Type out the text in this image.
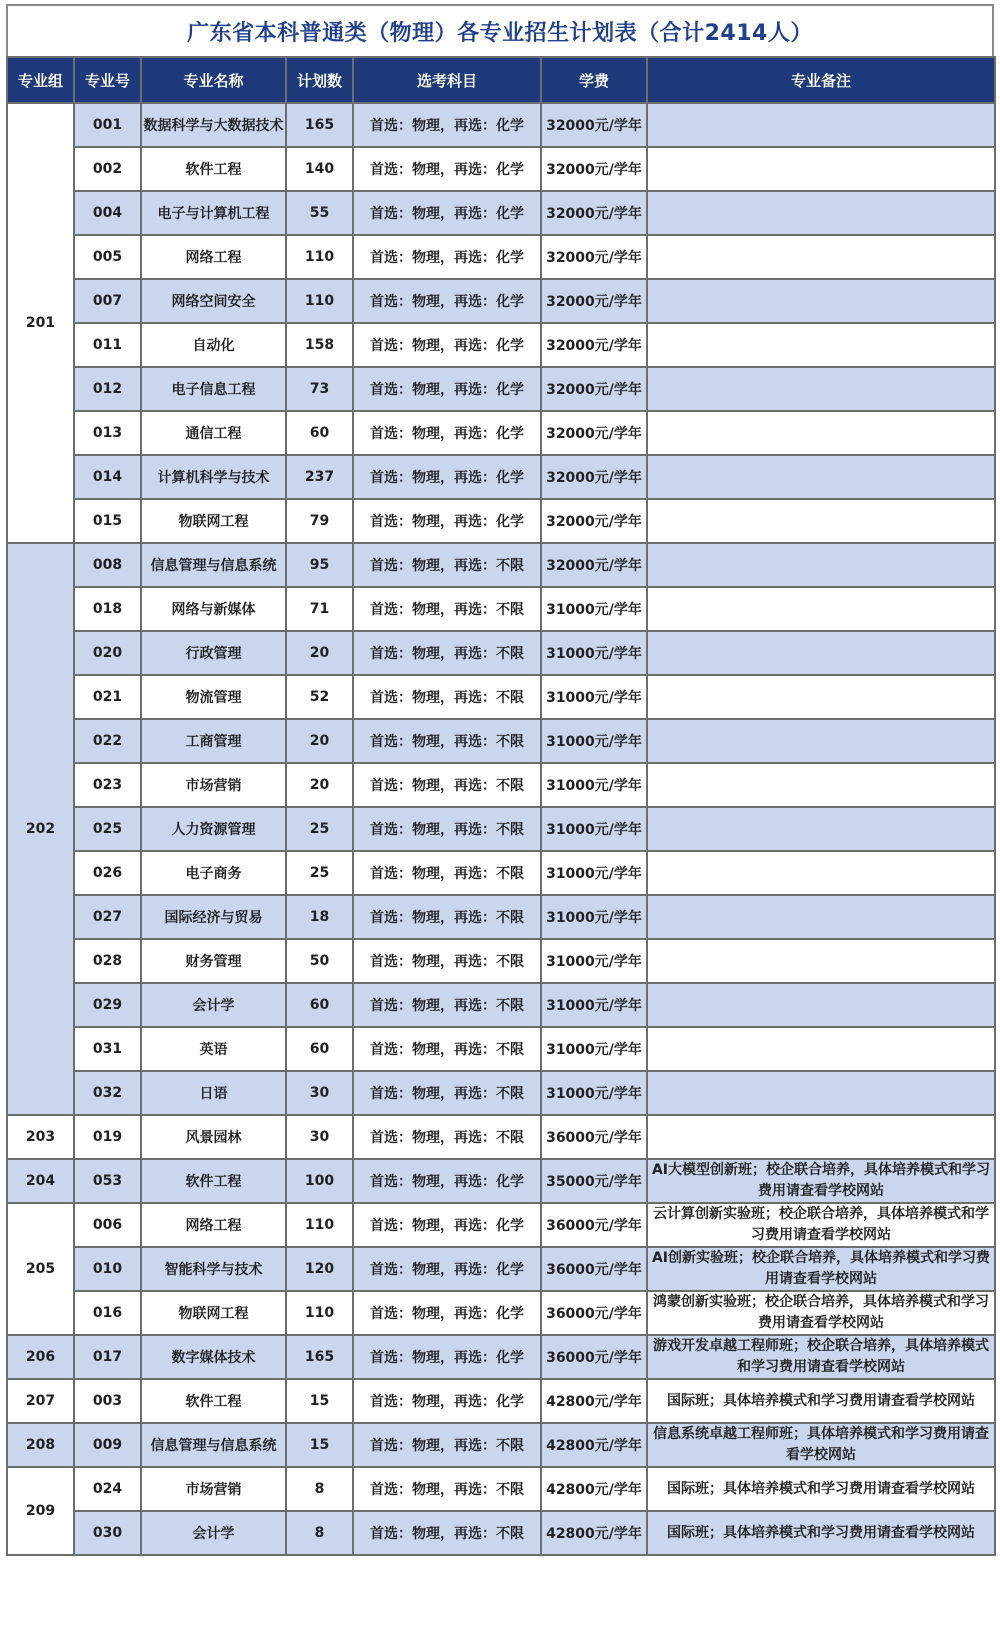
广东省本科普通类（物理）各专业招生计划表（合计2414人）
专业组	专业号	专业名称	计划数	选考科目	学费	专业备注
201	001	数据科学与大数据技术	165	首选：物理，再选：化学	32000元/学年	
	002	软件工程	140	首选：物理，再选：化学	32000元/学年	
	004	电子与计算机工程	55	首选：物理，再选：化学	32000元/学年	
	005	网络工程	110	首选：物理，再选：化学	32000元/学年	
	007	网络空间安全	110	首选：物理，再选：化学	32000元/学年	
	011	自动化	158	首选：物理，再选：化学	32000元/学年	
	012	电子信息工程	73	首选：物理，再选：化学	32000元/学年	
	013	通信工程	60	首选：物理，再选：化学	32000元/学年	
	014	计算机科学与技术	237	首选：物理，再选：化学	32000元/学年	
	015	物联网工程	79	首选：物理，再选：化学	32000元/学年	
202	008	信息管理与信息系统	95	首选：物理，再选：不限	32000元/学年	
	018	网络与新媒体	71	首选：物理，再选：不限	31000元/学年	
	020	行政管理	20	首选：物理，再选：不限	31000元/学年	
	021	物流管理	52	首选：物理，再选：不限	31000元/学年	
	022	工商管理	20	首选：物理，再选：不限	31000元/学年	
	023	市场营销	20	首选：物理，再选：不限	31000元/学年	
	025	人力资源管理	25	首选：物理，再选：不限	31000元/学年	
	026	电子商务	25	首选：物理，再选：不限	31000元/学年	
	027	国际经济与贸易	18	首选：物理，再选：不限	31000元/学年	
	028	财务管理	50	首选：物理，再选：不限	31000元/学年	
	029	会计学	60	首选：物理，再选：不限	31000元/学年	
	031	英语	60	首选：物理，再选：不限	31000元/学年	
	032	日语	30	首选：物理，再选：不限	31000元/学年	
203	019	风景园林	30	首选：物理，再选：不限	36000元/学年	
204	053	软件工程	100	首选：物理，再选：化学	35000元/学年	AI大模型创新班；校企联合培养，具体培养模式和学习费用请查看学校网站
205	006	网络工程	110	首选：物理，再选：化学	36000元/学年	云计算创新实验班；校企联合培养，具体培养模式和学习费用请查看学校网站
	010	智能科学与技术	120	首选：物理，再选：化学	36000元/学年	AI创新实验班；校企联合培养，具体培养模式和学习费用请查看学校网站
	016	物联网工程	110	首选：物理，再选：化学	36000元/学年	鸿蒙创新实验班；校企联合培养，具体培养模式和学习费用请查看学校网站
206	017	数字媒体技术	165	首选：物理，再选：化学	36000元/学年	游戏开发卓越工程师班；校企联合培养，具体培养模式和学习费用请查看学校网站
207	003	软件工程	15	首选：物理，再选：化学	42800元/学年	国际班；具体培养模式和学习费用请查看学校网站
208	009	信息管理与信息系统	15	首选：物理，再选：不限	42800元/学年	信息系统卓越工程师班；具体培养模式和学习费用请查看学校网站
209	024	市场营销	8	首选：物理，再选：不限	42800元/学年	国际班；具体培养模式和学习费用请查看学校网站
	030	会计学	8	首选：物理，再选：不限	42800元/学年	国际班；具体培养模式和学习费用请查看学校网站
